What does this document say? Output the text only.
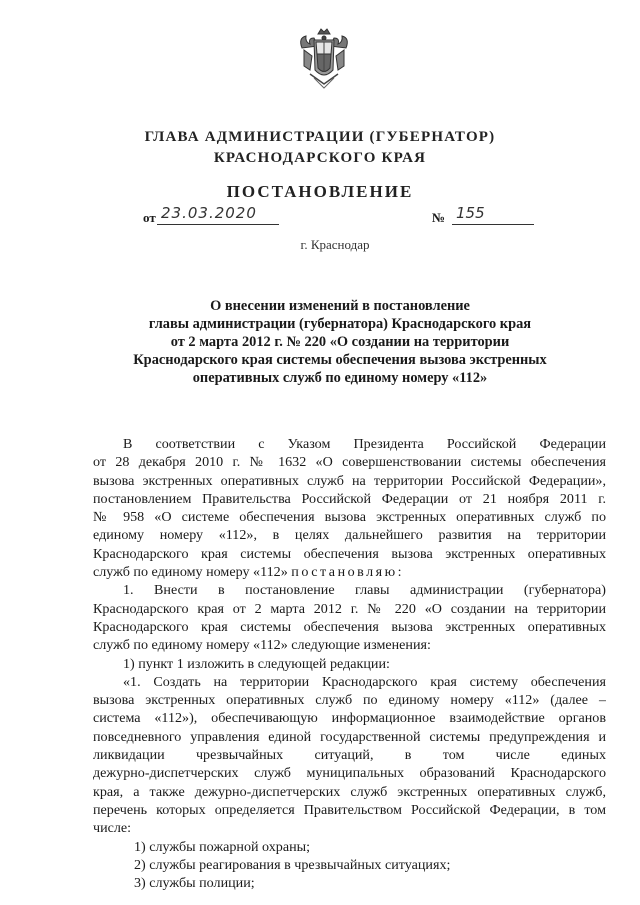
ГЛАВА АДМИНИСТРАЦИИ (ГУБЕРНАТОР)
КРАСНОДАРСКОГО КРАЯ
ПОСТАНОВЛЕНИЕ
от 23.03.2020	№ 155
г. Краснодар
О внесении изменений в постановление
главы администрации (губернатора) Краснодарского края
от 2 марта 2012 г. № 220 «О создании на территории
Краснодарского края системы обеспечения вызова экстренных
оперативных служб по единому номеру «112»
В соответствии с Указом Президента Российской Федерации
от 28 декабря 2010 г. № 1632 «О совершенствовании системы обеспечения
вызова экстренных оперативных служб на территории Российской Федерации»,
постановлением Правительства Российской Федерации от 21 ноября 2011 г.
№ 958 «О системе обеспечения вызова экстренных оперативных служб по
единому номеру «112», в целях дальнейшего развития на территории
Краснодарского края системы обеспечения вызова экстренных оперативных
служб по единому номеру «112» постановляю:
1. Внести в постановление главы администрации (губернатора)
Краснодарского края от 2 марта 2012 г. № 220 «О создании на территории
Краснодарского края системы обеспечения вызова экстренных оперативных
служб по единому номеру «112» следующие изменения:
1) пункт 1 изложить в следующей редакции:
«1. Создать на территории Краснодарского края систему обеспечения
вызова экстренных оперативных служб по единому номеру «112» (далее –
система «112»), обеспечивающую информационное взаимодействие органов
повседневного управления единой государственной системы предупреждения и
ликвидации чрезвычайных ситуаций, в том числе единых
дежурно-диспетчерских служб муниципальных образований Краснодарского
края, а также дежурно-диспетчерских служб экстренных оперативных служб,
перечень которых определяется Правительством Российской Федерации, в том
числе:
1) службы пожарной охраны;
2) службы реагирования в чрезвычайных ситуациях;
3) службы полиции;
